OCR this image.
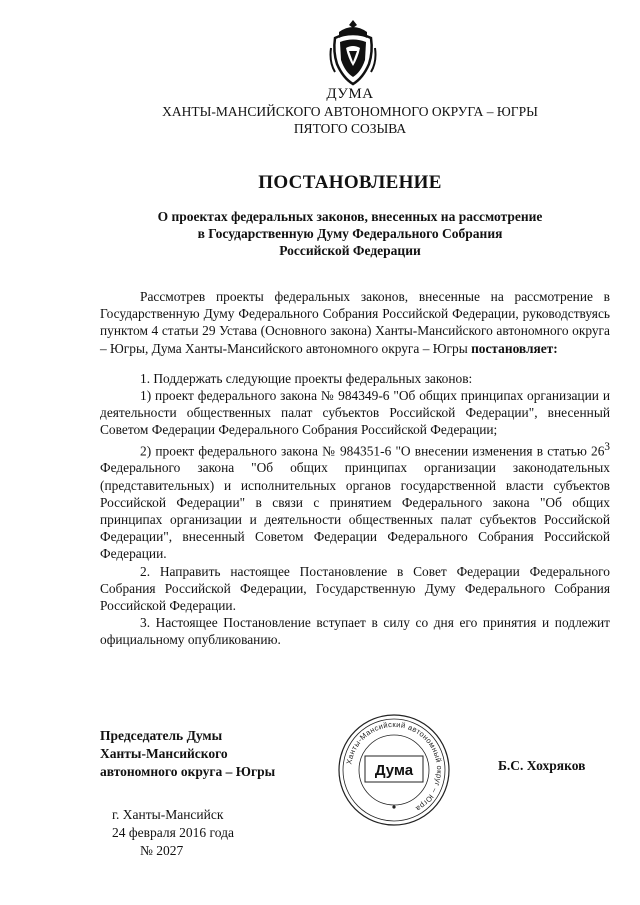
ДУМА
ХАНТЫ-МАНСИЙСКОГО АВТОНОМНОГО ОКРУГА – ЮГРЫ
ПЯТОГО СОЗЫВА
ПОСТАНОВЛЕНИЕ
О проектах федеральных законов, внесенных на рассмотрение
в Государственную Думу Федерального Собрания
Российской Федерации

Рассмотрев проекты федеральных законов, внесенные на рассмотрение в Государственную Думу Федерального Собрания Российской Федерации, руководствуясь пунктом 4 статьи 29 Устава (Основного закона) Ханты-Мансийского автономного округа – Югры, Дума Ханты-Мансийского автономного округа – Югры постановляет:

1. Поддержать следующие проекты федеральных законов:

1) проект федерального закона № 984349-6 "Об общих принципах организации и деятельности общественных палат субъектов Российской Федерации", внесенный Советом Федерации Федерального Собрания Российской Федерации;

2) проект федерального закона № 984351-6 "О внесении изменения в статью $26^3$ Федерального закона "Об общих принципах организации законодательных (представительных) и исполнительных органов государственной власти субъектов Российской Федерации" в связи с принятием Федерального закона "Об общих принципах организации и деятельности общественных палат субъектов Российской Федерации", внесенный Советом Федерации Федерального Собрания Российской Федерации.

2. Направить настоящее Постановление в Совет Федерации Федерального Собрания Российской Федерации, Государственную Думу Федерального Собрания Российской Федерации.

3. Настоящее Постановление вступает в силу со дня его принятия и подлежит официальному опубликованию.

Председатель Думы
Ханты-Мансийского
автономного округа – Югры
Ханты-Мансийский автономный округ – Югра
Дума	Б.С. Хохряков
г. Ханты-Мансийск
24 февраля 2016 года
№ 2027
